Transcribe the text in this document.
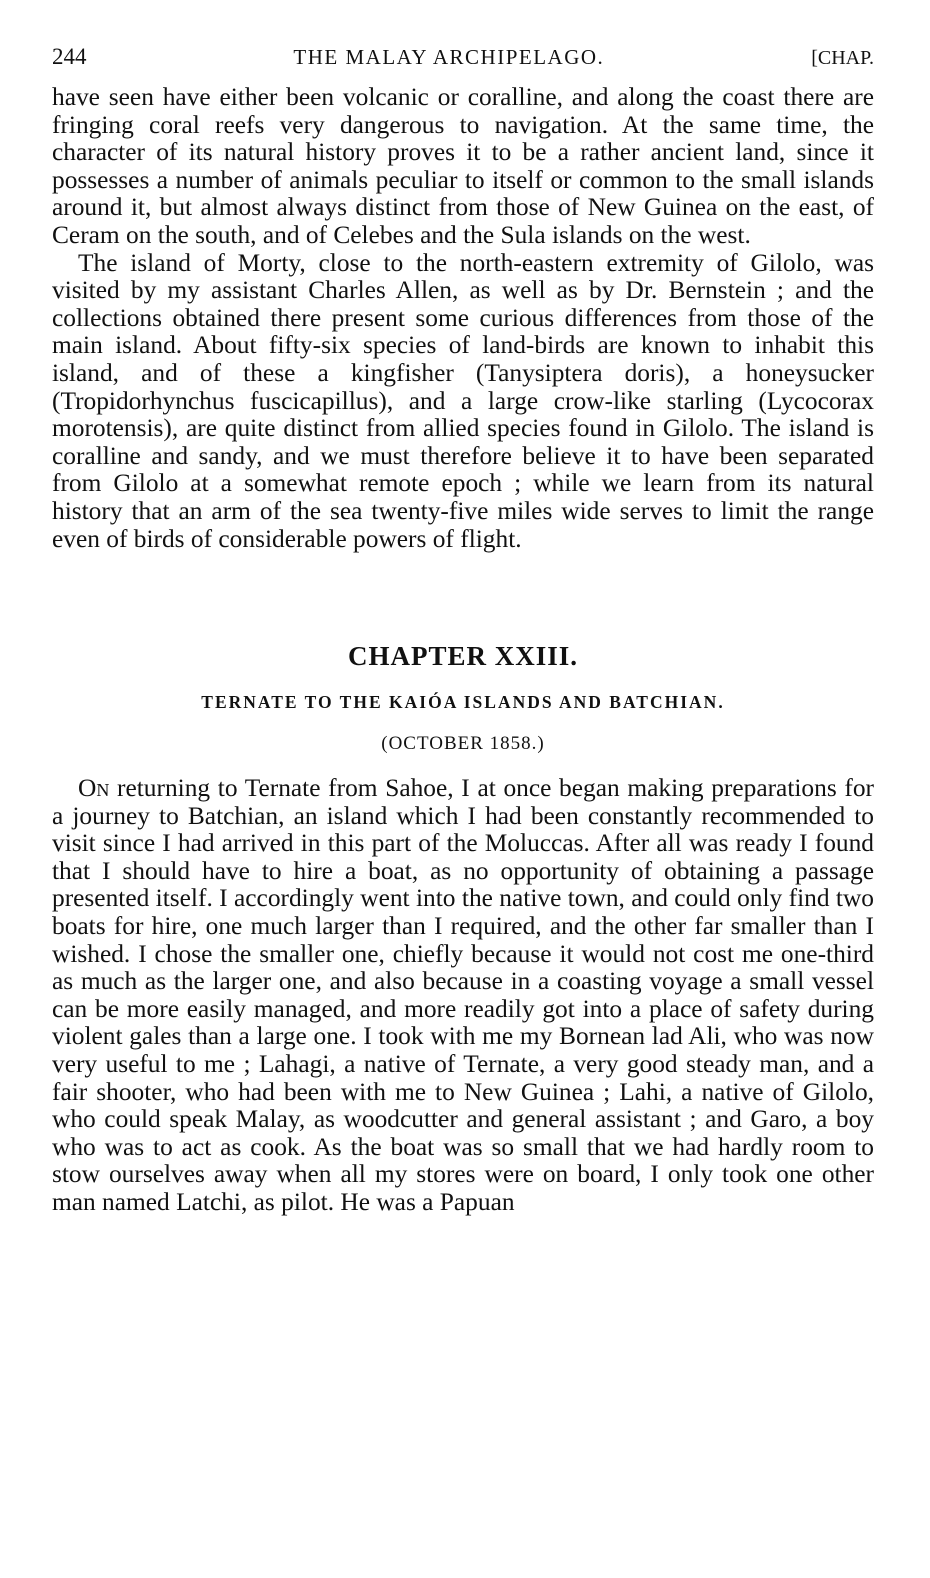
244	THE MALAY ARCHIPELAGO.	[CHAP.

have seen have either been volcanic or coralline, and along the coast there are fringing coral reefs very dangerous to navigation. At the same time, the character of its natural history proves it to be a rather ancient land, since it possesses a number of animals peculiar to itself or common to the small islands around it, but almost always distinct from those of New Guinea on the east, of Ceram on the south, and of Celebes and the Sula islands on the west.

The island of Morty, close to the north-eastern extremity of Gilolo, was visited by my assistant Charles Allen, as well as by Dr. Bernstein ; and the collections obtained there present some curious differences from those of the main island. About fifty-six species of land-birds are known to inhabit this island, and of these a kingfisher (Tanysiptera doris), a honeysucker (Tropidorhynchus fuscicapillus), and a large crow-like starling (Lycocorax morotensis), are quite distinct from allied species found in Gilolo. The island is coralline and sandy, and we must therefore believe it to have been separated from Gilolo at a somewhat remote epoch ; while we learn from its natural history that an arm of the sea twenty-five miles wide serves to limit the range even of birds of considerable powers of flight.

CHAPTER XXIII.
TERNATE TO THE KAIÓA ISLANDS AND BATCHIAN.
(OCTOBER 1858.)

On returning to Ternate from Sahoe, I at once began making preparations for a journey to Batchian, an island which I had been constantly recommended to visit since I had arrived in this part of the Moluccas. After all was ready I found that I should have to hire a boat, as no opportunity of obtaining a passage presented itself. I accordingly went into the native town, and could only find two boats for hire, one much larger than I required, and the other far smaller than I wished. I chose the smaller one, chiefly because it would not cost me one-third as much as the larger one, and also because in a coasting voyage a small vessel can be more easily managed, and more readily got into a place of safety during violent gales than a large one. I took with me my Bornean lad Ali, who was now very useful to me ; Lahagi, a native of Ternate, a very good steady man, and a fair shooter, who had been with me to New Guinea ; Lahi, a native of Gilolo, who could speak Malay, as woodcutter and general assistant ; and Garo, a boy who was to act as cook. As the boat was so small that we had hardly room to stow ourselves away when all my stores were on board, I only took one other man named Latchi, as pilot. He was a Papuan
